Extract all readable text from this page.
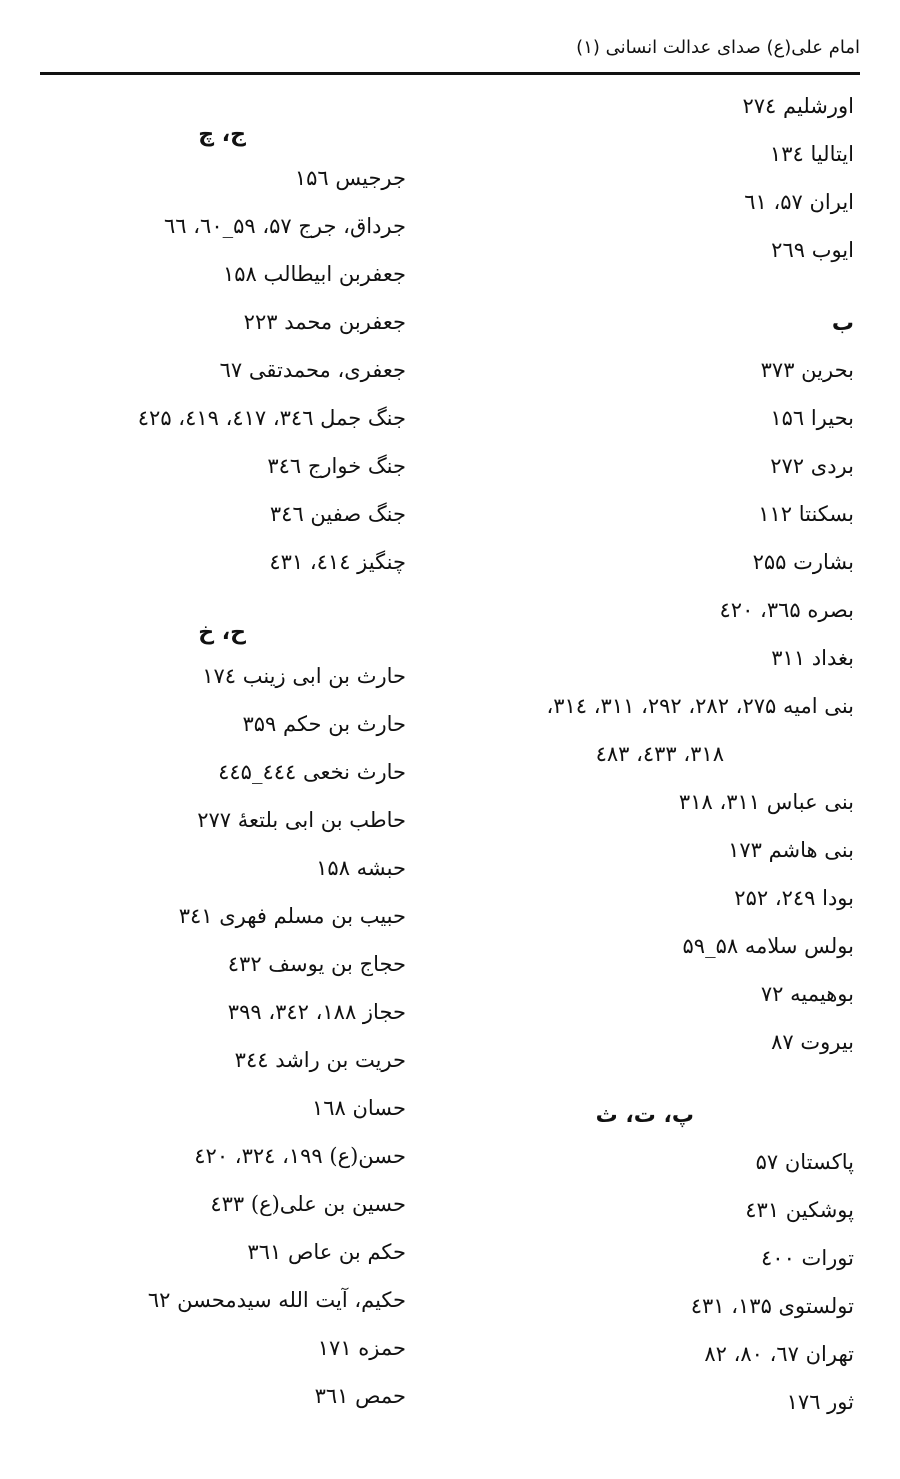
امام علی(ع) صدای عدالت انسانی (۱)
اورشلیم ۲۷٤
ایتالیا ۱۳٤
ایران ۵۷، ٦۱
ایوب ۲٦۹
ب
بحرین ۳۷۳
بحیرا ۱۵٦
بردی ۲۷۲
بسکنتا ۱۱۲
بشارت ۲۵۵
بصره ۳٦۵، ٤۲۰
بغداد ۳۱۱
بنی امیه ۲۷۵، ۲۸۲، ۲۹۲، ۳۱۱، ۳۱٤،
۳۱۸، ٤۳۳، ٤۸۳
بنی عباس ۳۱۱، ۳۱۸
بنی هاشم ۱۷۳
بودا ۲٤۹، ۲۵۲
بولس سلامه ۵۸_۵۹
بوهیمیه ۷۲
بیروت ۸۷
پ، ت، ث
پاکستان ۵۷
پوشکین ٤۳۱
تورات ٤۰۰
تولستوی ۱۳۵، ٤۳۱
تهران ٦۷، ۸۰، ۸۲
ثور ۱۷٦
ج، چ
جرجیس ۱۵٦
جرداق، جرج ۵۷، ۵۹_٦۰، ٦٦
جعفربن ابیطالب ۱۵۸
جعفربن محمد ۲۲۳
جعفری، محمدتقی ٦۷
جنگ جمل ۳٤٦، ٤۱۷، ٤۱۹، ٤۲۵
جنگ خوارج ۳٤٦
جنگ صفین ۳٤٦
چنگیز ٤۱٤، ٤۳۱
ح، خ
حارث بن ابی زینب ۱۷٤
حارث بن حکم ۳۵۹
حارث نخعی ٤٤٤_٤٤۵
حاطب بن ابی بلتعۀ ۲۷۷
حبشه ۱۵۸
حبیب بن مسلم فهری ۳٤۱
حجاج بن یوسف ٤۳۲
حجاز ۱۸۸، ۳٤۲، ۳۹۹
حریت بن راشد ۳٤٤
حسان ۱٦۸
حسن(ع) ۱۹۹، ۳۲٤، ٤۲۰
حسین بن علی(ع) ٤۳۳
حکم بن عاص ۳٦۱
حکیم، آیت الله سیدمحسن ٦۲
حمزه ۱۷۱
حمص ۳٦۱
